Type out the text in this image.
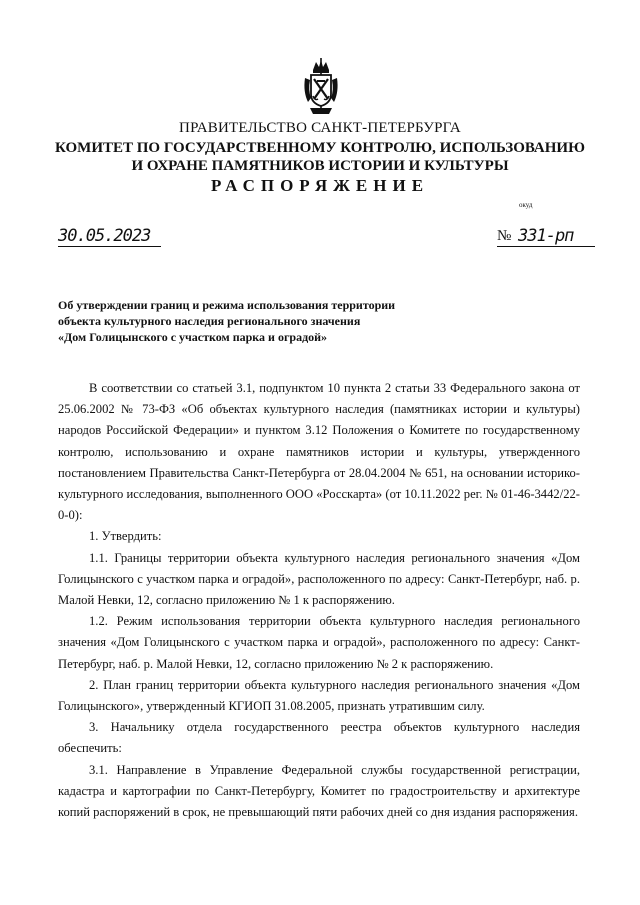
ПРАВИТЕЛЬСТВО САНКТ-ПЕТЕРБУРГА
КОМИТЕТ ПО ГОСУДАРСТВЕННОМУ КОНТРОЛЮ, ИСПОЛЬЗОВАНИЮ
И ОХРАНЕ ПАМЯТНИКОВ ИСТОРИИ И КУЛЬТУРЫ
РАСПОРЯЖЕНИЕ
окуд
30.05.2023	№ 331-рп
Об утверждении границ и режима использования территории
объекта культурного наследия регионального значения
«Дом Голицынского с участком парка и оградой»

В соответствии со статьей 3.1, подпунктом 10 пункта 2 статьи 33 Федерального закона от 25.06.2002 № 73-ФЗ «Об объектах культурного наследия (памятниках истории и культуры) народов Российской Федерации» и пунктом 3.12 Положения о Комитете по государственному контролю, использованию и охране памятников истории и культуры, утвержденного постановлением Правительства Санкт-Петербурга от 28.04.2004 № 651, на основании историко-культурного исследования, выполненного ООО «Росскарта» (от 10.11.2022 рег. № 01-46-3442/22-0-0):

1. Утвердить:

1.1. Границы территории объекта культурного наследия регионального значения «Дом Голицынского с участком парка и оградой», расположенного по адресу: Санкт-Петербург, наб. р. Малой Невки, 12, согласно приложению № 1 к распоряжению.

1.2. Режим использования территории объекта культурного наследия регионального значения «Дом Голицынского с участком парка и оградой», расположенного по адресу: Санкт-Петербург, наб. р. Малой Невки, 12, согласно приложению № 2 к распоряжению.

2. План границ территории объекта культурного наследия регионального значения «Дом Голицынского», утвержденный КГИОП 31.08.2005, признать утратившим силу.

3. Начальнику отдела государственного реестра объектов культурного наследия обеспечить:

3.1. Направление в Управление Федеральной службы государственной регистрации, кадастра и картографии по Санкт-Петербургу, Комитет по градостроительству и архитектуре копий распоряжений в срок, не превышающий пяти рабочих дней со дня издания распоряжения.
